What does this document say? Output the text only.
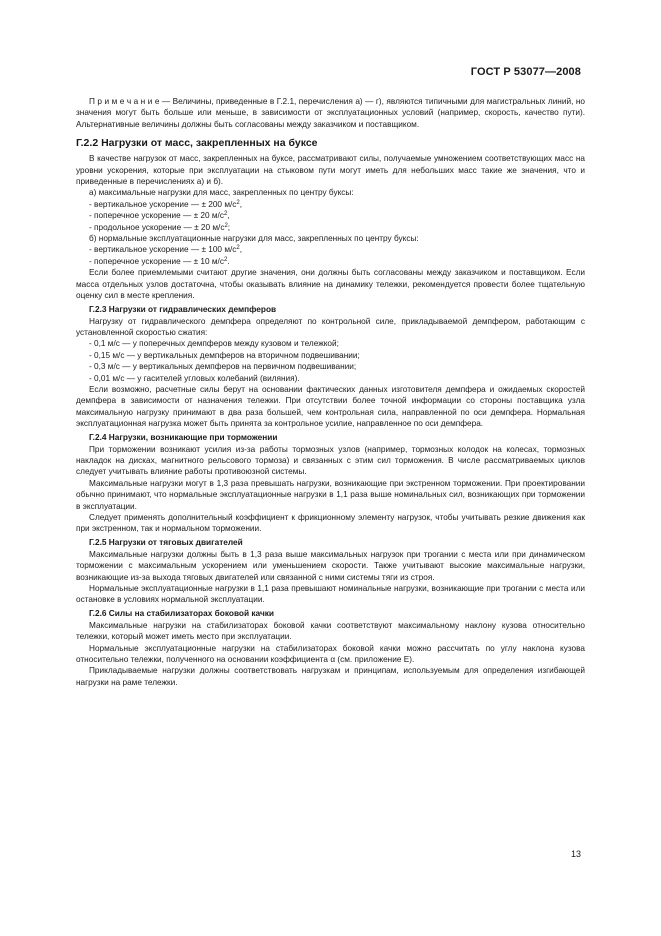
ГОСТ Р 53077—2008

П р и м е ч а н и е — Величины, приведенные в Г.2.1, перечисления а) — г), являются типичными для магистральных линий, но значения могут быть больше или меньше, в зависимости от эксплуатационных условий (например, скорость, качество пути). Альтернативные величины должны быть согласованы между заказчиком и поставщиком.

Г.2.2 Нагрузки от масс, закрепленных на буксе

В качестве нагрузок от масс, закрепленных на буксе, рассматривают силы, получаемые умножением соответствующих масс на уровни ускорения, которые при эксплуатации на стыковом пути могут иметь для небольших масс такие же значения, что и приведенные в перечислениях а) и б).

а) максимальные нагрузки для масс, закрепленных по центру буксы:

- вертикальное ускорение — ± 200 $м/с^2$,

- поперечное ускорение — ± 20 $м/с^2$,

- продольное ускорение — ± 20 $м/с^2$;

б) нормальные эксплуатационные нагрузки для масс, закрепленных по центру буксы:

- вертикальное ускорение — ± 100 $м/с^2$,

- поперечное ускорение — ± 10 $м/с^2$.

Если более приемлемыми считают другие значения, они должны быть согласованы между заказчиком и поставщиком. Если масса отдельных узлов достаточна, чтобы оказывать влияние на динамику тележки, рекомендуется провести более тщательную оценку сил в месте крепления.

Г.2.3 Нагрузки от гидравлических демпферов

Нагрузку от гидравлического демпфера определяют по контрольной силе, прикладываемой демпфером, работающим с установленной скоростью сжатия:

- 0,1 м/с — у поперечных демпферов между кузовом и тележкой;

- 0,15 м/с — у вертикальных демпферов на вторичном подвешивании;

- 0,3 м/с — у вертикальных демпферов на первичном подвешивании;

- 0,01 м/с — у гасителей угловых колебаний (виляния).

Если возможно, расчетные силы берут на основании фактических данных изготовителя демпфера и ожидаемых скоростей демпфера в зависимости от назначения тележки. При отсутствии более точной информации со стороны поставщика узла максимальную нагрузку принимают в два раза большей, чем контрольная сила, направленной по оси демпфера. Нормальная эксплуатационная нагрузка может быть принята за контрольное усилие, направленное по оси демпфера.

Г.2.4 Нагрузки, возникающие при торможении

При торможении возникают усилия из-за работы тормозных узлов (например, тормозных колодок на колесах, тормозных накладок на дисках, магнитного рельсового тормоза) и связанных с этим сил торможения. В числе рассматриваемых циклов следует учитывать влияние работы противоюзной системы.

Максимальные нагрузки могут в 1,3 раза превышать нагрузки, возникающие при экстренном торможении. При проектировании обычно принимают, что нормальные эксплуатационные нагрузки в 1,1 раза выше номинальных сил, возникающих при торможении в эксплуатации.

Следует применять дополнительный коэффициент к фрикционному элементу нагрузок, чтобы учитывать резкие движения как при экстренном, так и нормальном торможении.

Г.2.5 Нагрузки от тяговых двигателей

Максимальные нагрузки должны быть в 1,3 раза выше максимальных нагрузок при трогании с места или при динамическом торможении с максимальным ускорением или уменьшением скорости. Также учитывают высокие максимальные нагрузки, возникающие из-за выхода тяговых двигателей или связанной с ними системы тяги из строя.

Нормальные эксплуатационные нагрузки в 1,1 раза превышают номинальные нагрузки, возникающие при трогании с места или остановке в условиях нормальной эксплуатации.

Г.2.6 Силы на стабилизаторах боковой качки

Максимальные нагрузки на стабилизаторах боковой качки соответствуют максимальному наклону кузова относительно тележки, который может иметь место при эксплуатации.

Нормальные эксплуатационные нагрузки на стабилизаторах боковой качки можно рассчитать по углу наклона кузова относительно тележки, полученного на основании коэффициента α (см. приложение Е).

Прикладываемые нагрузки должны соответствовать нагрузкам и принципам, используемым для определения изгибающей нагрузки на раме тележки.

13
